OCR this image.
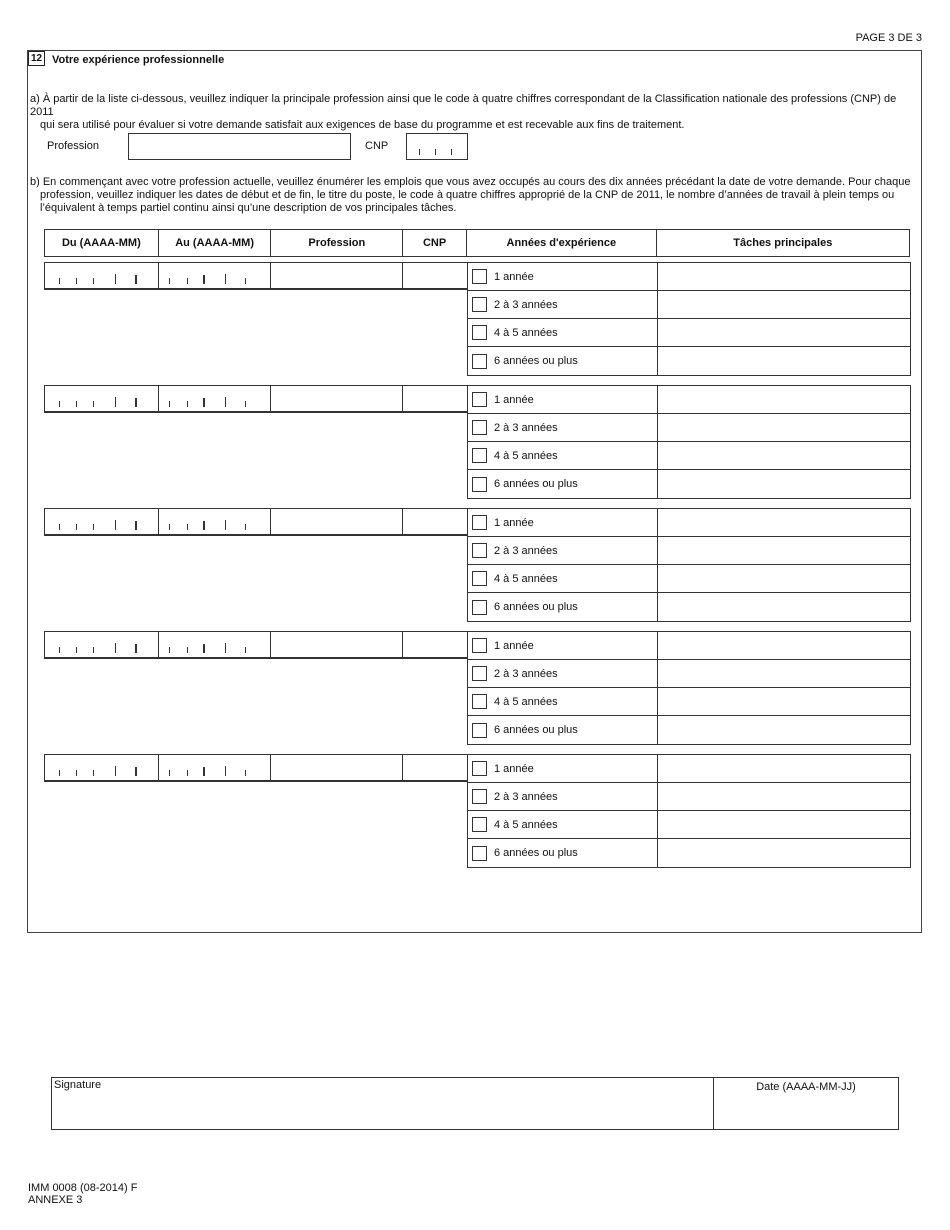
PAGE 3 DE 3
12 Votre expérience professionnelle
a) À partir de la liste ci-dessous, veuillez indiquer la principale profession ainsi que le code à quatre chiffres correspondant de la Classification nationale des professions (CNP) de 2011
qui sera utilisé pour évaluer si votre demande satisfait aux exigences de base du programme et est recevable aux fins de traitement.
Profession	CNP
b) En commençant avec votre profession actuelle, veuillez énumérer les emplois que vous avez occupés au cours des dix années précédant la date de votre demande. Pour chaque
profession, veuillez indiquer les dates de début et de fin, le titre du poste, le code à quatre chiffres approprié de la CNP de 2011, le nombre d’années de travail à plein temps ou
l’équivalent à temps partiel continu ainsi qu’une description de vos principales tâches.
Du (AAAA-MM)	Au (AAAA-MM)	Profession	CNP	Années d'expérience	Tâches principales
1 année
2 à 3 années
4 à 5 années
6 années ou plus
1 année
2 à 3 années
4 à 5 années
6 années ou plus
1 année
2 à 3 années
4 à 5 années
6 années ou plus
1 année
2 à 3 années
4 à 5 années
6 années ou plus
1 année
2 à 3 années
4 à 5 années
6 années ou plus
Signature	Date (AAAA-MM-JJ)
IMM 0008 (08-2014) F
ANNEXE 3
